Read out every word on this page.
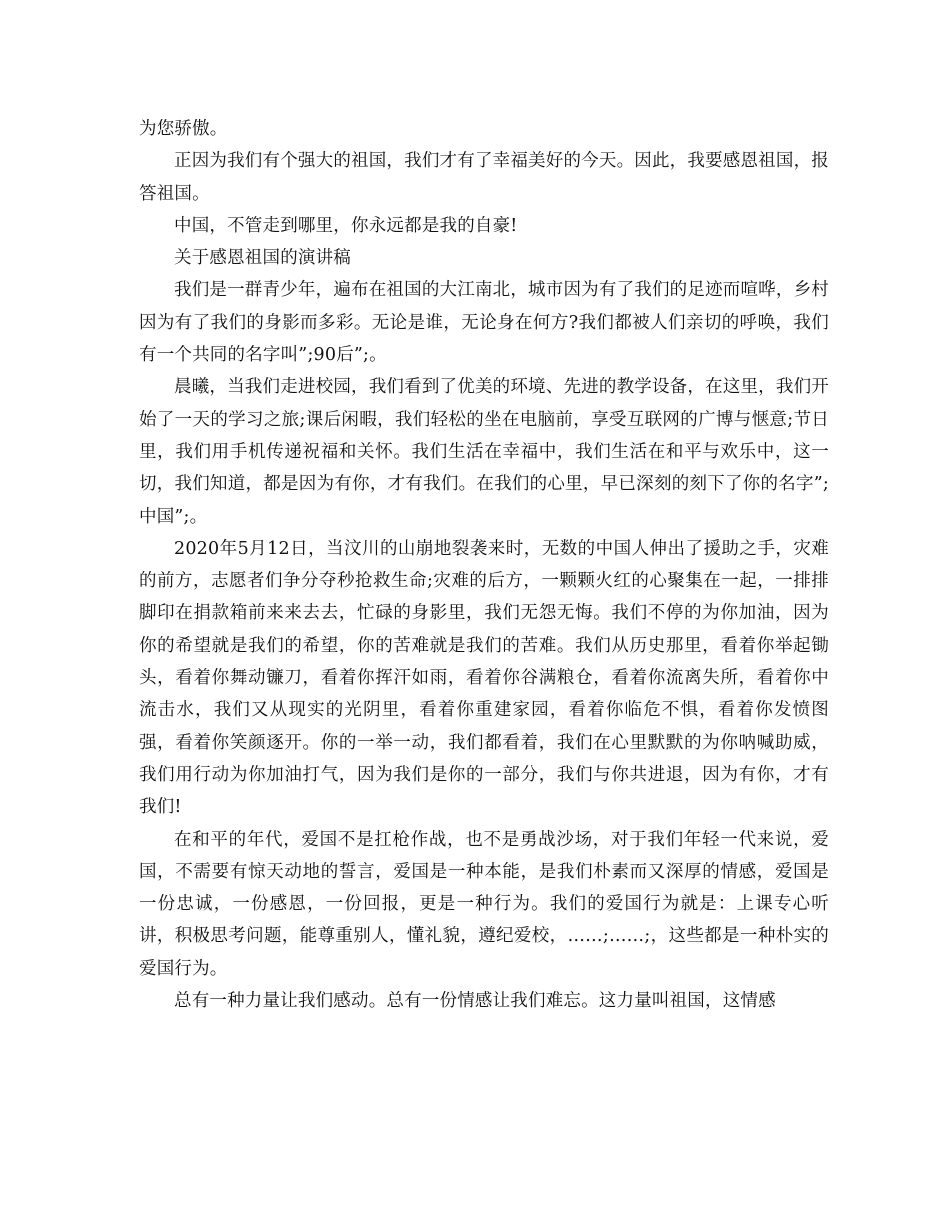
为您骄傲。

正因为我们有个强大的祖国，我们才有了幸福美好的今天。因此，我要感恩祖国，报答祖国。

中国，不管走到哪里，你永远都是我的自豪!

关于感恩祖国的演讲稿

我们是一群青少年，遍布在祖国的大江南北，城市因为有了我们的足迹而喧哗，乡村因为有了我们的身影而多彩。无论是谁，无论身在何方?我们都被人们亲切的呼唤，我们有一个共同的名字叫”;90后”;。

晨曦，当我们走进校园，我们看到了优美的环境、先进的教学设备，在这里，我们开始了一天的学习之旅;课后闲暇，我们轻松的坐在电脑前，享受互联网的广博与惬意;节日里，我们用手机传递祝福和关怀。我们生活在幸福中，我们生活在和平与欢乐中，这一切，我们知道，都是因为有你，才有我们。在我们的心里，早已深刻的刻下了你的名字”;中国”;。

2020年5月12日，当汶川的山崩地裂袭来时，无数的中国人伸出了援助之手，灾难的前方，志愿者们争分夺秒抢救生命;灾难的后方，一颗颗火红的心聚集在一起，一排排脚印在捐款箱前来来去去，忙碌的身影里，我们无怨无悔。我们不停的为你加油，因为你的希望就是我们的希望，你的苦难就是我们的苦难。我们从历史那里，看着你举起锄头，看着你舞动镰刀，看着你挥汗如雨，看着你谷满粮仓，看着你流离失所，看着你中流击水，我们又从现实的光阴里，看着你重建家园，看着你临危不惧，看着你发愤图强，看着你笑颜逐开。你的一举一动，我们都看着，我们在心里默默的为你呐喊助威，我们用行动为你加油打气，因为我们是你的一部分，我们与你共进退，因为有你，才有我们!

在和平的年代，爱国不是扛枪作战，也不是勇战沙场，对于我们年轻一代来说，爱国，不需要有惊天动地的誓言，爱国是一种本能，是我们朴素而又深厚的情感，爱国是一份忠诚，一份感恩，一份回报，更是一种行为。我们的爱国行为就是：上课专心听讲，积极思考问题，能尊重别人，懂礼貌，遵纪爱校，……;……;，这些都是一种朴实的爱国行为。

总有一种力量让我们感动。总有一份情感让我们难忘。这力量叫祖国，这情感
